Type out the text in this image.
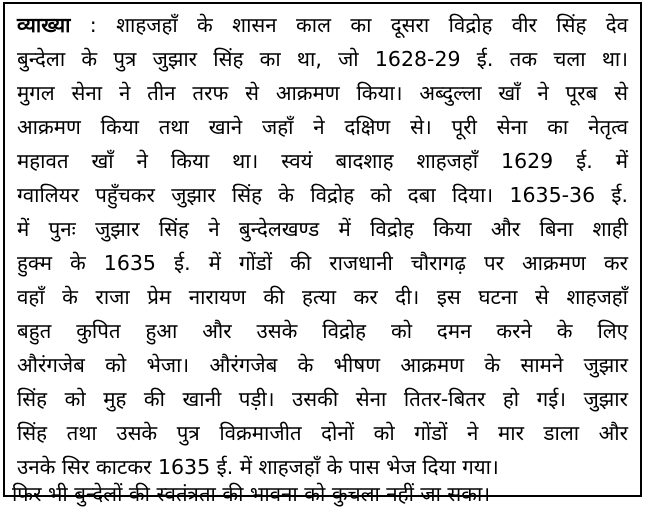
व्याख्या : शाहजहाँ के शासन काल का दूसरा विद्रोह वीर सिंह देव
बुन्देला के पुत्र जुझार सिंह का था, जो 1628-29 ई. तक चला था।
मुगल सेना ने तीन तरफ से आक्रमण किया। अब्दुल्ला खाँ ने पूरब से
आक्रमण किया तथा खाने जहाँ ने दक्षिण से। पूरी सेना का नेतृत्व
महावत खाँ ने किया था। स्वयं बादशाह शाहजहाँ 1629 ई. में
ग्वालियर पहुँचकर जुझार सिंह के विद्रोह को दबा दिया। 1635-36 ई.
में पुनः जुझार सिंह ने बुन्देलखण्ड में विद्रोह किया और बिना शाही
हुक्म के 1635 ई. में गोंडों की राजधानी चौरागढ़ पर आक्रमण कर
वहाँ के राजा प्रेम नारायण की हत्या कर दी। इस घटना से शाहजहाँ
बहुत कुपित हुआ और उसके विद्रोह को दमन करने के लिए
औरंगजेब को भेजा। औरंगजेब के भीषण आक्रमण के सामने जुझार
सिंह को मुह की खानी पड़ी। उसकी सेना तितर-बितर हो गई। जुझार
सिंह तथा उसके पुत्र विक्रमाजीत दोनों को गोंडों ने मार डाला और
उनके सिर काटकर 1635 ई. में शाहजहाँ के पास भेज दिया गया।
फिर भी बुन्देलों की स्वतंत्रता की भावना को कुचला नहीं जा सका।
